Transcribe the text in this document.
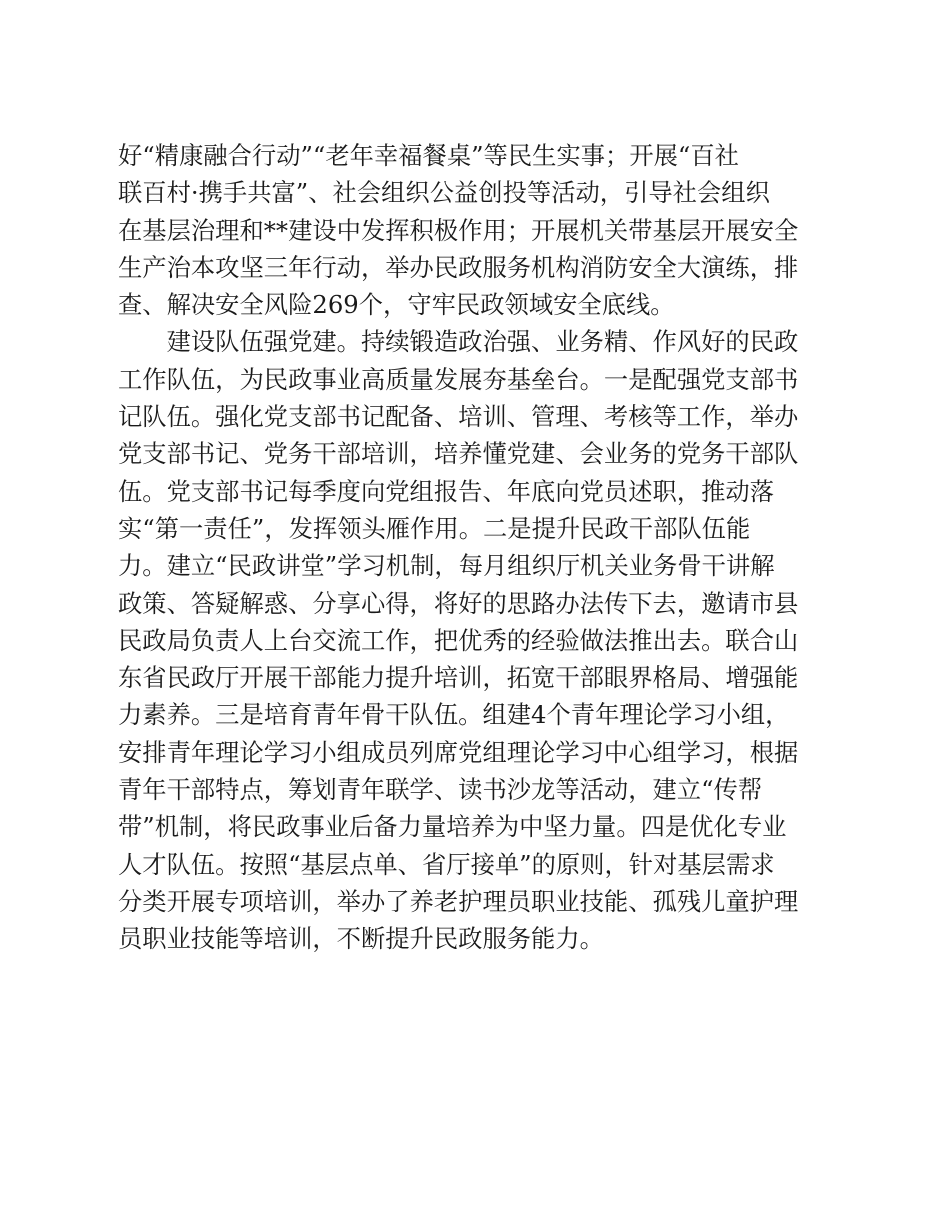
好“精康融合行动”“老年幸福餐桌”等民生实事；开展“百社
联百村·携手共富”、社会组织公益创投等活动，引导社会组织
在基层治理和**建设中发挥积极作用；开展机关带基层开展安全
生产治本攻坚三年行动，举办民政服务机构消防安全大演练，排
查、解决安全风险269个，守牢民政领域安全底线。
建设队伍强党建。持续锻造政治强、业务精、作风好的民政
工作队伍，为民政事业高质量发展夯基垒台。一是配强党支部书
记队伍。强化党支部书记配备、培训、管理、考核等工作，举办
党支部书记、党务干部培训，培养懂党建、会业务的党务干部队
伍。党支部书记每季度向党组报告、年底向党员述职，推动落
实“第一责任”，发挥领头雁作用。二是提升民政干部队伍能
力。建立“民政讲堂”学习机制，每月组织厅机关业务骨干讲解
政策、答疑解惑、分享心得，将好的思路办法传下去，邀请市县
民政局负责人上台交流工作，把优秀的经验做法推出去。联合山
东省民政厅开展干部能力提升培训，拓宽干部眼界格局、增强能
力素养。三是培育青年骨干队伍。组建4个青年理论学习小组，
安排青年理论学习小组成员列席党组理论学习中心组学习，根据
青年干部特点，筹划青年联学、读书沙龙等活动，建立“传帮
带”机制，将民政事业后备力量培养为中坚力量。四是优化专业
人才队伍。按照“基层点单、省厅接单”的原则，针对基层需求
分类开展专项培训，举办了养老护理员职业技能、孤残儿童护理
员职业技能等培训，不断提升民政服务能力。
